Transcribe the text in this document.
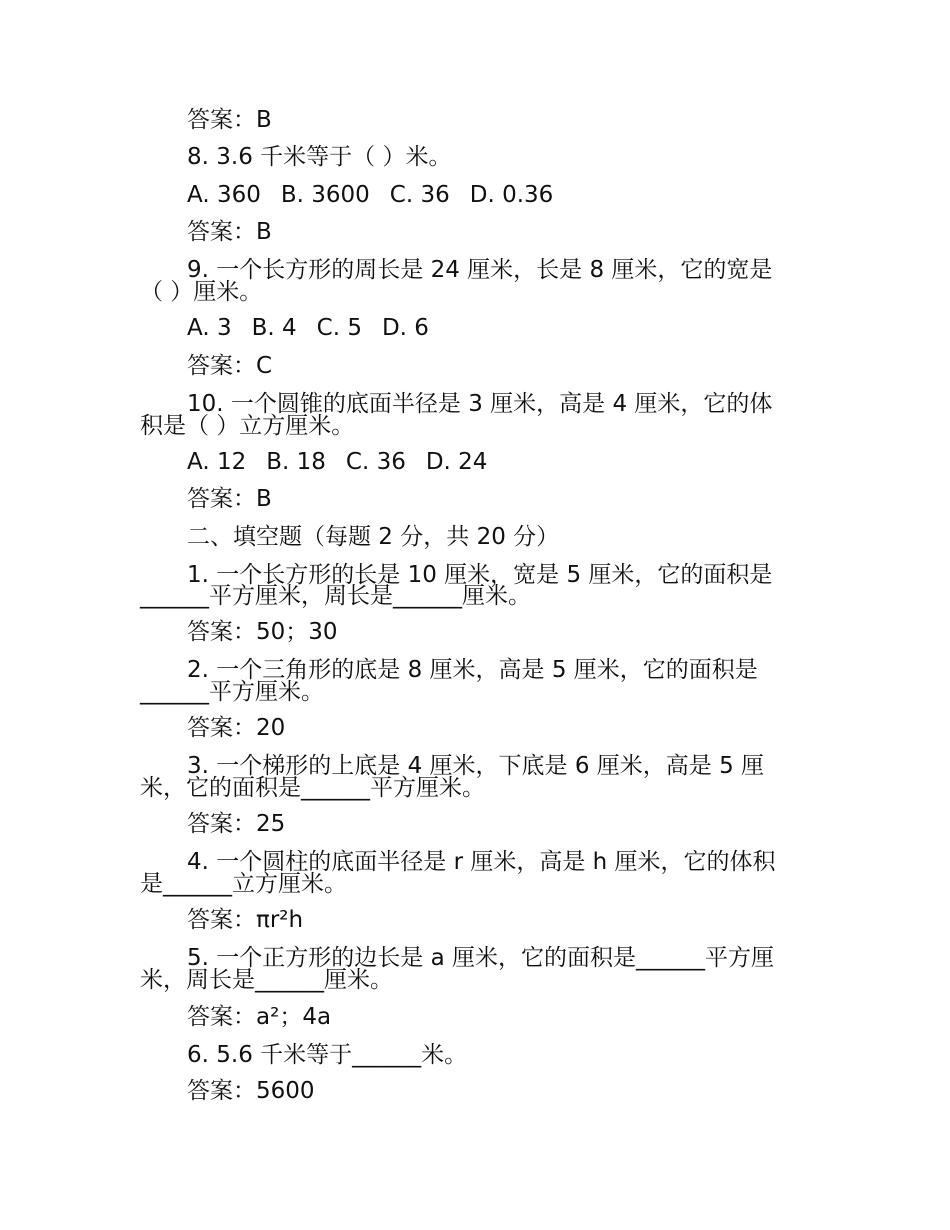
答案：B
8. 3.6 千米等于（ ）米。
A. 360 B. 3600 C. 36 D. 0.36
答案：B
9. 一个长方形的周长是 24 厘米，长是 8 厘米，它的宽是
（ ）厘米。
A. 3 B. 4 C. 5 D. 6
答案：C
10. 一个圆锥的底面半径是 3 厘米，高是 4 厘米，它的体
积是（ ）立方厘米。
A. 12 B. 18 C. 36 D. 24
答案：B
二、填空题（每题 2 分，共 20 分）
1. 一个长方形的长是 10 厘米，宽是 5 厘米，它的面积是
______平方厘米，周长是______厘米。
答案：50；30
2. 一个三角形的底是 8 厘米，高是 5 厘米，它的面积是
______平方厘米。
答案：20
3. 一个梯形的上底是 4 厘米，下底是 6 厘米，高是 5 厘
米，它的面积是______平方厘米。
答案：25
4. 一个圆柱的底面半径是 r 厘米，高是 h 厘米，它的体积
是______立方厘米。
答案：πr²h
5. 一个正方形的边长是 a 厘米，它的面积是______平方厘
米，周长是______厘米。
答案：a²；4a
6. 5.6 千米等于______米。
答案：5600
